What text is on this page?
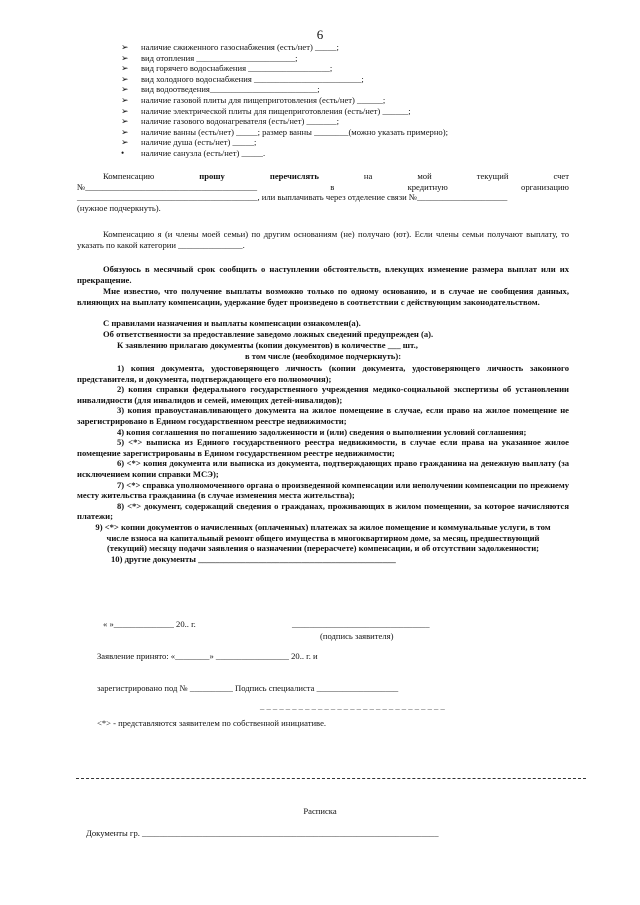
6
➢	наличие сжиженного газоснабжения (есть/нет) _____;
➢	вид отопления _______________________;
➢	вид горячего водоснабжения ___________________;
➢	вид холодного водоснабжения _________________________;
➢	вид водоотведения_________________________;
➢	наличие газовой плиты для пищеприготовления (есть/нет) ______;
➢	наличие электрической плиты для пищеприготовления (есть/нет) ______;
➢	наличие газового водонагревателя (есть/нет) _______;
➢	наличие ванны (есть/нет) _____; размер ванны ________(можно указать примерно);
➢	наличие душа (есть/нет) _____;
•	наличие санузла (есть/нет) _____.
Компенсацию	прошу	перечислять	на	мой	текущий	счет
№________________________________________	в	кредитную	организацию
__________________________________________, или выплачивать через отделение связи №_____________________
(нужное подчеркнуть).
Компенсацию я (и члены моей семьи) по другим основаниям (не) получаю (ют). Если члены семьи получают выплату, то указать по какой категории _______________.
Обязуюсь в месячный срок сообщить о наступлении обстоятельств, влекущих изменение размера выплат или их прекращение.
Мне известно, что получение выплаты возможно только по одному основанию, и в случае не сообщения данных, влияющих на выплату компенсации, удержание будет произведено в соответствии с действующим законодательством.
С правилами назначения и выплаты компенсации ознакомлен(а).
Об ответственности за предоставление заведомо ложных сведений предупрежден (а).
К заявлению прилагаю документы (копии документов) в количестве ___ шт.,
в том числе (необходимое подчеркнуть):
1) копия документа, удостоверяющего личность (копии документа, удостоверяющего личность законного представителя, и документа, подтверждающего его полномочия);
2) копия справки федерального государственного учреждения медико-социальной экспертизы об установлении инвалидности (для инвалидов и семей, имеющих детей-инвалидов);
3) копия правоустанавливающего документа на жилое помещение в случае, если право на жилое помещение не зарегистрировано в Едином государственном реестре недвижимости;
4) копия соглашения по погашению задолженности и (или) сведения о выполнении условий соглашения;
5) <*> выписка из Единого государственного реестра недвижимости, в случае если права на указанное жилое помещение зарегистрированы в Едином государственном реестре недвижимости;
6) <*> копия документа или выписка из документа, подтверждающих право гражданина на денежную выплату (за исключением копии справки МСЭ);
7) <*> справка уполномоченного органа о произведенной компенсации или неполучении компенсации по прежнему месту жительства гражданина (в случае изменения места жительства);
8) <*> документ, содержащий сведения о гражданах, проживающих в жилом помещении, за которое начисляются платежи;
9) <*> копии документов о начисленных (оплаченных) платежах за жилое помещение и коммунальные услуги, в том числе взноса на капитальный ремонт общего имущества в многоквартирном доме, за месяц, предшествующий (текущий) месяцу подачи заявления о назначении (перерасчете) компенсации, и об отсутствии задолженности;
10) другие документы ______________________________________________
« »______________ 20.. г.	________________________________
(подпись заявителя)
Заявление принято: «________» _________________ 20.. г. и
зарегистрировано под № __________ Подпись специалиста ___________________
_ _ _ _ _ _ _ _ _ _ _ _ _ _ _ _ _ _ _ _ _ _ _ _ _ _ _ _ _
<*> - представляются заявителем по собственной инициативе.
Расписка
Документы гр. _____________________________________________________________________
